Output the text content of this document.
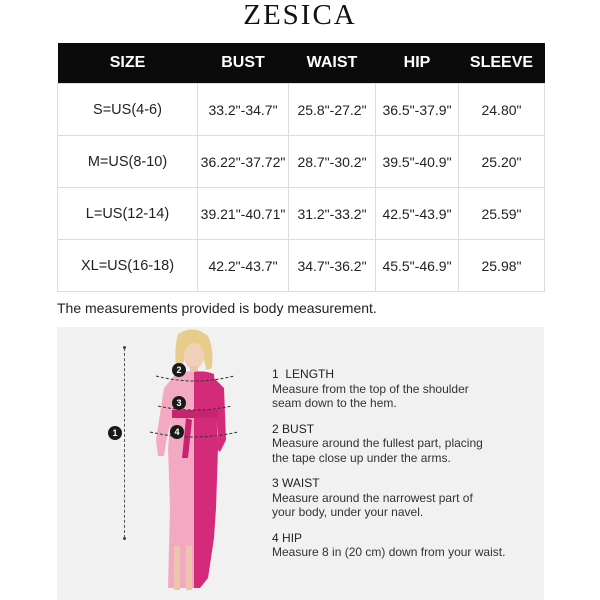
ZESICA
SIZE	BUST	WAIST	HIP	SLEEVE
S=US(4-6)	33.2"-34.7"	25.8"-27.2"	36.5"-37.9"	24.80"
M=US(8-10)	36.22"-37.72"	28.7"-30.2"	39.5"-40.9"	25.20"
L=US(12-14)	39.21"-40.71"	31.2"-33.2"	42.5"-43.9"	25.59"
XL=US(16-18)	42.2"-43.7"	34.7"-36.2"	45.5"-46.9"	25.98"
The measurements provided is body measurement.
1
2
3
4
1 LENGTH
Measure from the top of the shoulder seam down to the hem.
2 BUST
Measure around the fullest part, placing the tape close up under the arms.
3 WAIST
Measure around the narrowest part of your body, under your navel.
4 HIP
Measure 8 in (20 cm) down from your waist.
